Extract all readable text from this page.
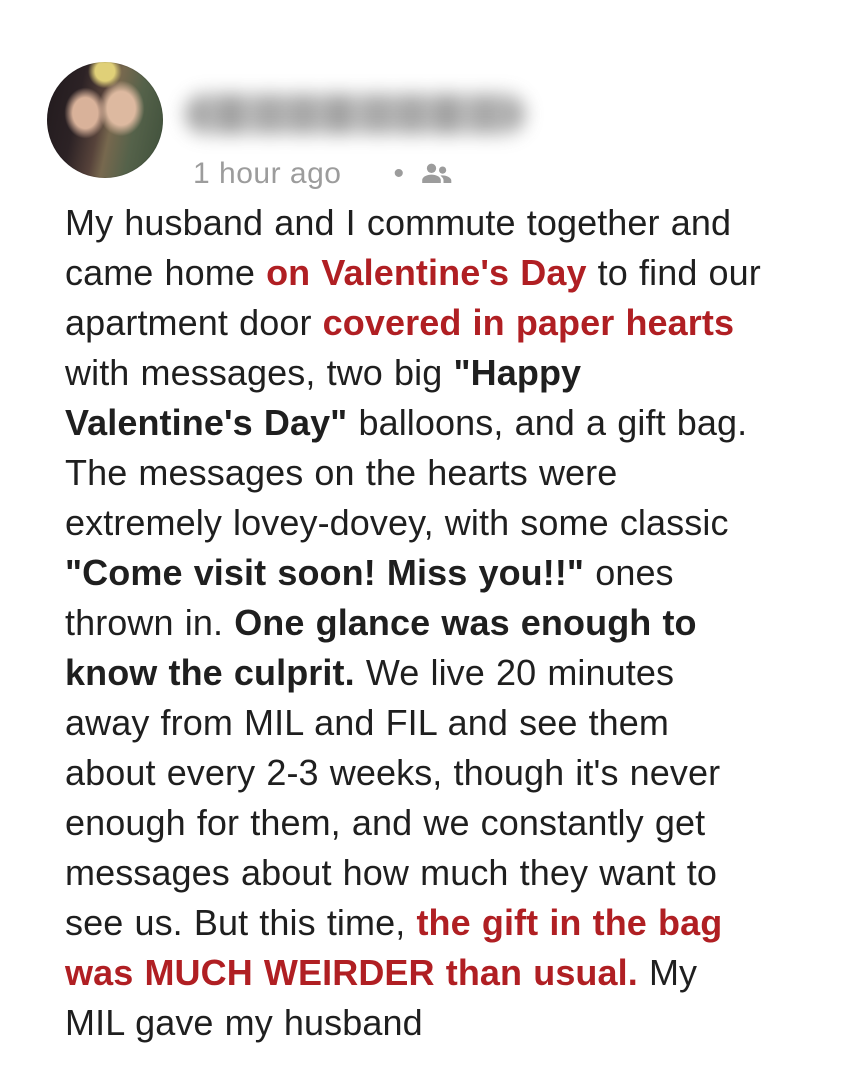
1 hour ago •
My husband and I commute together and came home on Valentine's Day to find our apartment door covered in paper hearts with messages, two big "Happy Valentine's Day" balloons, and a gift bag. The messages on the hearts were extremely lovey-dovey, with some classic "Come visit soon! Miss you!!" ones thrown in. One glance was enough to know the culprit. We live 20 minutes away from MIL and FIL and see them about every 2-3 weeks, though it's never enough for them, and we constantly get messages about how much they want to see us. But this time, the gift in the bag was MUCH WEIRDER than usual. My MIL gave my husband
